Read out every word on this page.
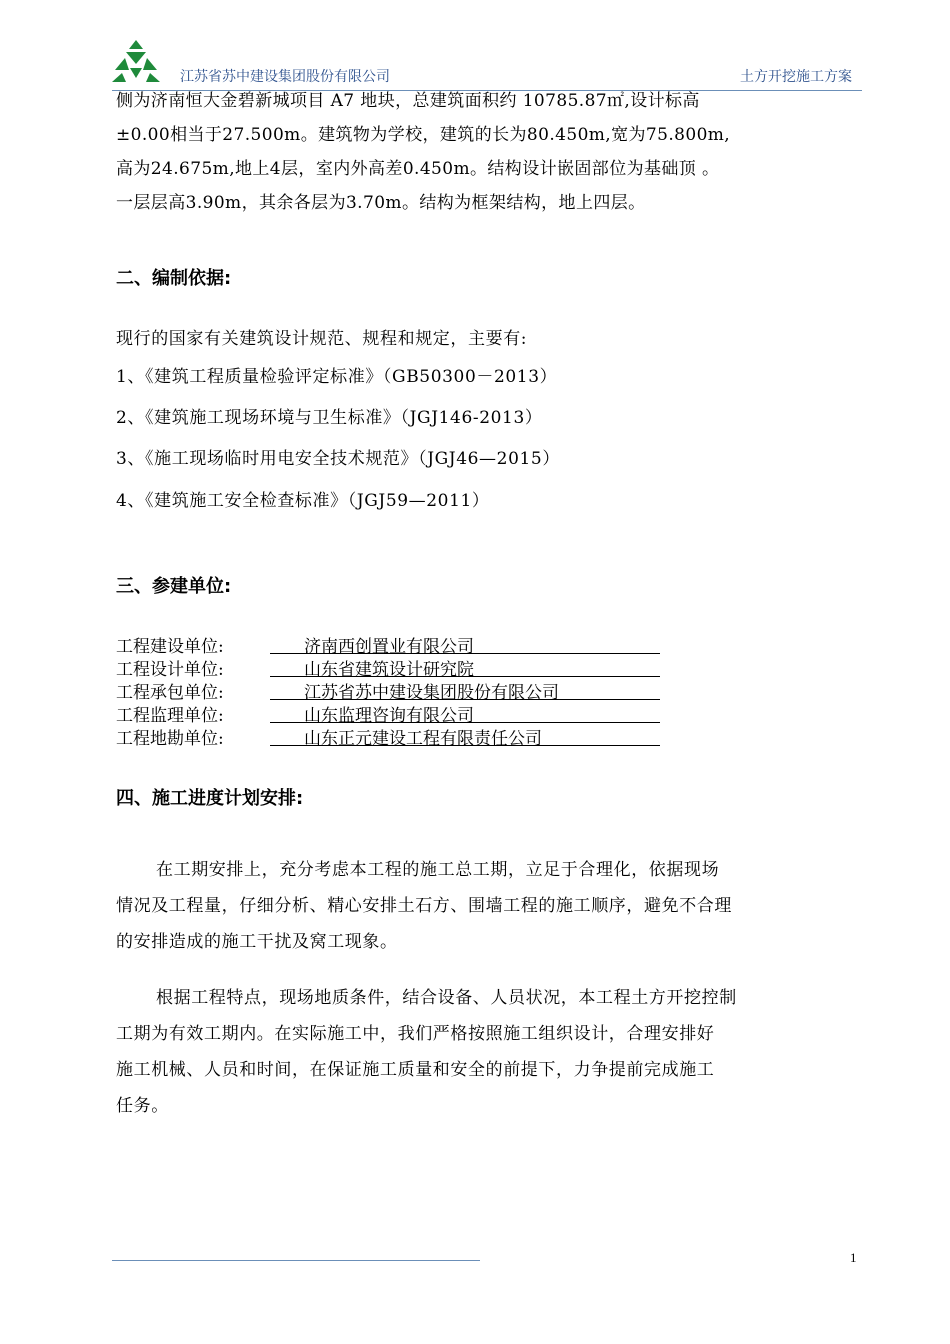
江苏省苏中建设集团股份有限公司	土方开挖施工方案
侧为济南恒大金碧新城项目 A7 地块，总建筑面积约 10785.87㎡,设计标高
±0.00相当于27.500m。建筑物为学校，建筑的长为80.450m,宽为75.800m,
高为24.675m,地上4层，室内外高差0.450m。结构设计嵌固部位为基础顶 。
一层层高3.90m，其余各层为3.70m。结构为框架结构，地上四层。
二、编制依据:
现行的国家有关建筑设计规范、规程和规定，主要有:
1、《建筑工程质量检验评定标准》（GB50300－2013）
2、《建筑施工现场环境与卫生标准》（JGJ146-2013）
3、《施工现场临时用电安全技术规范》（JGJ46—2015）
4、《建筑施工安全检查标准》（JGJ59—2011）
三、参建单位:
工程建设单位:	济南西创置业有限公司
工程设计单位:	山东省建筑设计研究院
工程承包单位:	江苏省苏中建设集团股份有限公司
工程监理单位:	山东监理咨询有限公司
工程地勘单位:	山东正元建设工程有限责任公司
四、施工进度计划安排:
在工期安排上，充分考虑本工程的施工总工期，立足于合理化，依据现场
情况及工程量，仔细分析、精心安排土石方、围墙工程的施工顺序，避免不合理
的安排造成的施工干扰及窝工现象。
根据工程特点，现场地质条件，结合设备、人员状况，本工程土方开挖控制
工期为有效工期内。在实际施工中，我们严格按照施工组织设计，合理安排好
施工机械、人员和时间，在保证施工质量和安全的前提下，力争提前完成施工
任务。
1
